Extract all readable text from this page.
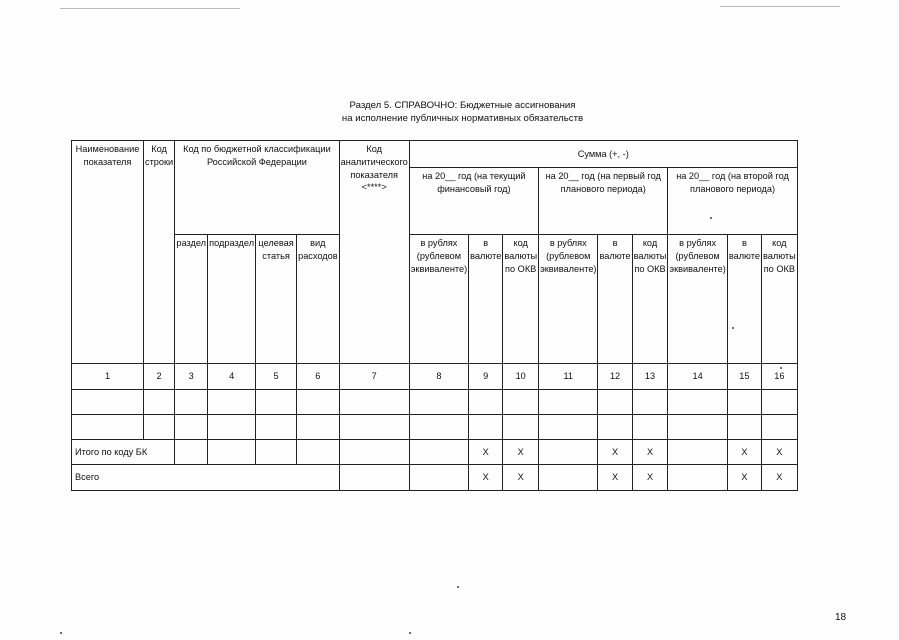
Раздел 5. СПРАВОЧНО: Бюджетные ассигнования
на исполнение публичных нормативных обязательств
Наименование показателя	Код строки	Код по бюджетной классификации Российской Федерации				Код аналитического показателя <****>	Сумма (+, -)								
							на 20__ год (на текущий финансовый год)			на 20__ год (на первый год планового периода)			на 20__ год (на второй год планового периода)		
		раздел	подраздел	целевая статья	вид расходов		в рублях (рублевом эквиваленте)	в валюте	код валюты по ОКВ	в рублях (рублевом эквиваленте)	в валюте	код валюты по ОКВ	в рублях (рублевом эквиваленте)	в валюте	код валюты по ОКВ
1	2	3	4	5	6	7	8	9	10	11	12	13	14	15	16

Итого по коду БК								Х	Х		Х	Х		Х	Х
Всего								Х	Х		Х	Х		Х	Х
18
